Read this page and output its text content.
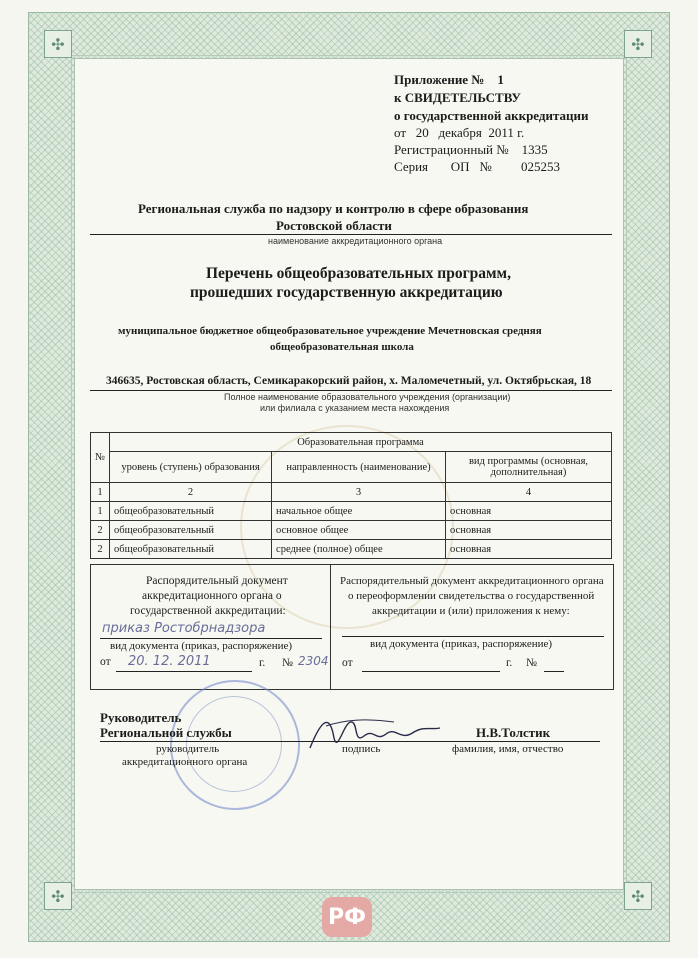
✣	✣
✣	✣
РФ
Приложение № 1
к СВИДЕТЕЛЬСТВУ
о государственной аккредитации
от 20 декабря 2011 г.
Регистрационный № 1335
Серия ОП № 025253
Региональная служба по надзору и контролю в сфере образования
Ростовской области
наименование аккредитационного органа
Перечень общеобразовательных программ,
прошедших государственную аккредитацию
муниципальное бюджетное общеобразовательное учреждение Мечетновская средняя
общеобразовательная школа
346635, Ростовская область, Семикаракорский район, х. Маломечетный, ул. Октябрьская, 18
Полное наименование образовательного учреждения (организации)
или филиала с указанием места нахождения
№	Образовательная программа		
	уровень (ступень) образования	направленность (наименование)	вид программы (основная,
дополнительная)
1	2	3	4
1	общеобразовательный	начальное общее	основная
2	общеобразовательный	основное общее	основная
2	общеобразовательный	среднее (полное) общее	основная
Распорядительный документ
аккредитационного органа о
государственной аккредитации:
приказ Ростобрнадзора
вид документа (приказ, распоряжение)
от 20. 12. 2011	г. № 2304
Распорядительный документ аккредитационного органа
о переоформлении свидетельства о государственной
аккредитации и (или) приложения к нему:
вид документа (приказ, распоряжение)
от	г. №
Руководитель
Региональной службы	Н.В.Толстик
руководитель
аккредитационного органа
подпись	фамилия, имя, отчество
